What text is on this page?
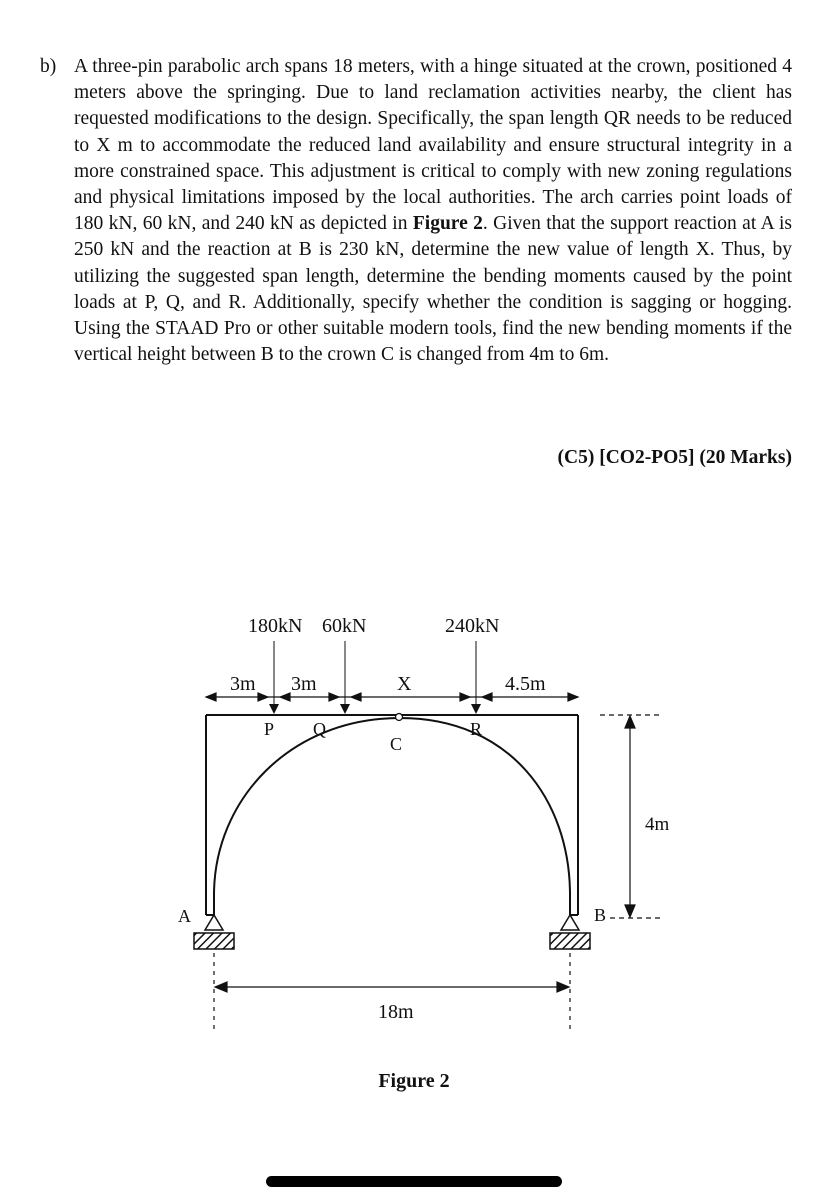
b) A three-pin parabolic arch spans 18 meters, with a hinge situated at the crown, positioned 4 meters above the springing. Due to land reclamation activities nearby, the client has requested modifications to the design. Specifically, the span length QR needs to be reduced to X m to accommodate the reduced land availability and ensure structural integrity in a more constrained space. This adjustment is critical to comply with new zoning regulations and physical limitations imposed by the local authorities. The arch carries point loads of 180 kN, 60 kN, and 240 kN as depicted in Figure 2. Given that the support reaction at A is 250 kN and the reaction at B is 230 kN, determine the new value of length X. Thus, by utilizing the suggested span length, determine the bending moments caused by the point loads at P, Q, and R. Additionally, specify whether the condition is sagging or hogging. Using the STAAD Pro or other suitable modern tools, find the new bending moments if the vertical height between B to the crown C is changed from 4m to 6m.
(C5) [CO2-PO5] (20 Marks)
180kN 60kN	240kN
3m 3m	X	4.5m
P Q
C
R
A	B
4m
18m
Figure 2
